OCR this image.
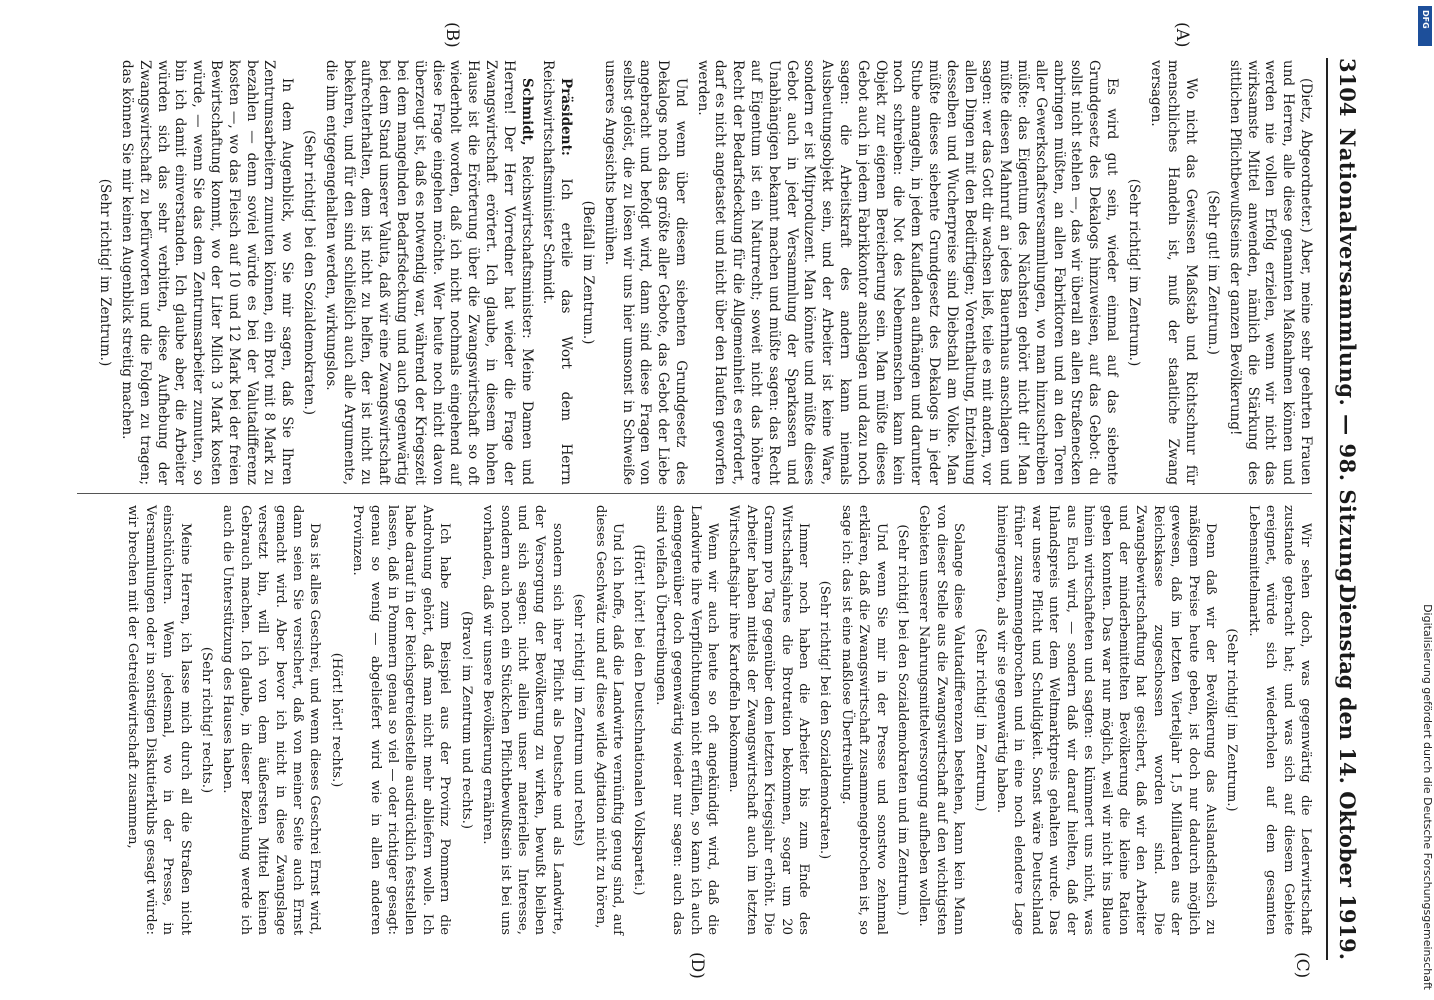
3104
Nationalversammlung. — 98. Sitzung.
Dienstag den 14. Oktober 1919.
(A)
(B)
(C)
(D)

(Dietz, Abgeordneter.) Aber, meine sehr geehrten Frauen und Herren, alle diese genannten Maßnahmen können und werden nie vollen Erfolg erzielen, wenn wir nicht das wirksamste Mittel anwenden, nämlich die Stärkung des sittlichen Pflichtbewußtseins der ganzen Bevölkerung!

(Sehr gut! im Zentrum.)

Wo nicht das Gewissen Maßstab und Richtschnur für menschliches Handeln ist, muß der staatliche Zwang versagen.

(Sehr richtig! im Zentrum.)

Es wird gut sein, wieder einmal auf das siebente Grundgesetz des Dekalogs hinzuweisen, auf das Gebot: du sollst nicht stehlen —, das wir überall an allen Straßenecken anbringen müßten, an allen Fabriktoren und an den Toren aller Gewerkschaftsversammlungen, wo man hinzuschreiben müßte: das Eigentum des Nächsten gehört nicht dir! Man müßte diesen Mahnruf an jedes Bauernhaus anschlagen und sagen: wer das Gott dir wachsen ließ, teile es mit andern, vor allen Dingen mit den Bedürftigen; Vorenthaltung, Entziehung desselben und Wucherpreise sind Diebstahl am Volke. Man müßte dieses siebente Grundgesetz des Dekalogs in jeder Stube annageln, in jedem Kaufladen aufhängen und darunter noch schreiben: die Not des Nebenmenschen kann kein Objekt zur eigenen Bereicherung sein. Man müßte dieses Gebot auch in jedem Fabrikkontor anschlagen und dazu noch sagen: die Arbeitskraft des andern kann niemals Ausbeutungsobjekt sein, und der Arbeiter ist keine Ware, sondern er ist Mitproduzent. Man könnte und müßte dieses Gebot auch in jeder Versammlung der Sparkassen und Unabhängigen bekannt machen und müßte sagen: das Recht auf Eigentum ist ein Naturrecht; soweit nicht das höhere Recht der Bedarfsdeckung für die Allgemeinheit es erfordert, darf es nicht angetastet und nicht über den Haufen geworfen werden.

Und wenn über diesem siebenten Grundgesetz des Dekalogs noch das größte aller Gebote, das Gebot der Liebe angebracht und befolgt wird, dann sind diese Fragen von selbst gelöst, die zu lösen wir uns hier umsonst in Schweiße unseres Angesichts bemühen.

(Beifall im Zentrum.)

Präsident: Ich erteile das Wort dem Herrn Reichswirtschaftsminister Schmidt.

Schmidt, Reichswirtschaftsminister: Meine Damen und Herren! Der Herr Vorredner hat wieder die Frage der Zwangswirtschaft erörtert. Ich glaube, in diesem hohen Hause ist die Erörterung über die Zwangswirtschaft so oft wiederholt worden, daß ich nicht nochmals eingehend auf diese Frage eingehen möchte. Wer heute noch nicht davon überzeugt ist, daß es notwendig war, während der Kriegszeit bei dem mangelnden Bedarfsdeckung und auch gegenwärtig bei dem Stand unserer Valuta, daß wir eine Zwangswirtschaft aufrechterhalten, dem ist nicht zu helfen, der ist nicht zu bekehren, und für den sind schließlich auch alle Argumente, die ihm entgegengehalten werden, wirkungslos.

(Sehr richtig! bei den Sozialdemokraten.)

In dem Augenblick, wo Sie mir sagen, daß Sie Ihren Zentrumsarbeitern zumuten können, ein Brot mit 8 Mark zu bezahlen — denn soviel würde es bei der Valutadifferenz kosten —, wo das Fleisch auf 10 und 12 Mark bei der freien Bewirtschaftung kommt, wo der Liter Milch 3 Mark kosten würde, — wenn Sie das dem Zentrumsarbeiter zumuten, so bin ich damit einverstanden. Ich glaube aber, die Arbeiter würden sich das sehr verbitten, diese Aufhebung der Zwangswirtschaft zu befürworten und die Folgen zu tragen; das können Sie mir keinen Augenblick streitig machen.

(Sehr richtig! im Zentrum.)

Wir sehen doch, was gegenwärtig die Lederwirtschaft zustande gebracht hat; und was sich auf diesem Gebiete ereignet, würde sich wiederholen auf dem gesamten Lebensmittelmarkt.

(Sehr richtig! im Zentrum.)

Denn daß wir der Bevölkerung das Auslandsfleisch zu mäßigem Preise heute geben, ist doch nur dadurch möglich gewesen, daß im letzten Vierteljahr 1,5 Milliarden aus der Reichskasse zugeschossen worden sind. Die Zwangsbewirtschaftung hat gesichert, daß wir den Arbeiter und der minderbemittelten Bevölkerung die kleine Ration geben konnten. Das war nur möglich, weil wir nicht ins Blaue hinein wirtschafteten und sagten: es kümmert uns nicht, was aus Euch wird, — sondern daß wir darauf hielten, daß der Inlandspreis unter dem Weltmarktpreis gehalten wurde. Das war unsere Pflicht und Schuldigkeit. Sonst wäre Deutschland früher zusammengebrochen und in eine noch elendere Lage hineingeraten, als wir sie gegenwärtig haben.

(Sehr richtig! im Zentrum.)

Solange diese Valutadifferenzen bestehen, kann kein Mann von dieser Stelle aus die Zwangswirtschaft auf den wichtigsten Gebieten unserer Nahrungsmittelversorgung aufheben wollen.

(Sehr richtig! bei den Sozialdemokraten und im Zentrum.)

Und wenn Sie mir in der Presse und sonstwo zehnmal erklären, daß die Zwangswirtschaft zusammengebrochen ist, so sage ich: das ist eine maßlose Übertreibung.

(Sehr richtig! bei den Sozialdemokraten.)

Immer noch haben die Arbeiter bis zum Ende des Wirtschaftsjahres die Brotration bekommen, sogar um 20 Gramm pro Tag gegenüber dem letzten Kriegsjahr erhöht. Die Arbeiter haben mittels der Zwangswirtschaft auch im letzten Wirtschaftsjahr ihre Kartoffeln bekommen.

Wenn wir auch heute so oft angekündigt wird, daß die Landwirte ihre Verpflichtungen nicht erfüllen, so kann ich auch demgegenüber doch gegenwärtig wieder nur sagen: auch das sind vielfach Übertreibungen.

(Hört! hört! bei den Deutschnationalen Volkspartei.)

Und ich hoffe, daß die Landwirte vernünftig genug sind, auf dieses Geschwätz und auf diese wilde Agitation nicht zu hören,

(sehr richtig! im Zentrum und rechts)

sondern sich ihrer Pflicht als Deutsche und als Landwirte, der Versorgung der Bevölkerung zu wirken, bewußt bleiben und sich sagen: nicht allein unser materielles Interesse, sondern auch noch ein Stückchen Pflichtbewußtsein ist bei uns vorhanden, daß wir unsere Bevölkerung ernähren.

(Bravo! im Zentrum und rechts.)

Ich habe zum Beispiel aus der Provinz Pommern die Androhung gehört, daß man nicht mehr abliefern wolle. Ich habe darauf in der Reichsgetreidestelle ausdrücklich feststellen lassen, daß in Pommern genau so viel — oder richtiger gesagt: genau so wenig — abgeliefert wird wie in allen anderen Provinzen.

(Hört! hört! rechts.)

Das ist alles Geschrei, und wenn dieses Geschrei Ernst wird, dann seien Sie versichert, daß von meiner Seite auch Ernst gemacht wird. Aber bevor ich nicht in diese Zwangslage versetzt bin, will ich von dem äußersten Mittel keinen Gebrauch machen. Ich glaube, in dieser Beziehung werde ich auch die Unterstützung des Hauses haben.

(Sehr richtig! rechts.)

Meine Herren, ich lasse mich durch all die Straßen nicht einschüchtern. Wenn jedesmal, wo in der Presse, in Versammlungen oder in sonstigen Diskutierklubs gesagt würde: wir brechen mit der Getreidewirtschaft zusammen,	Digitalisierung gefördert durch die Deutsche Forschungsgemeinschaft
DFG
